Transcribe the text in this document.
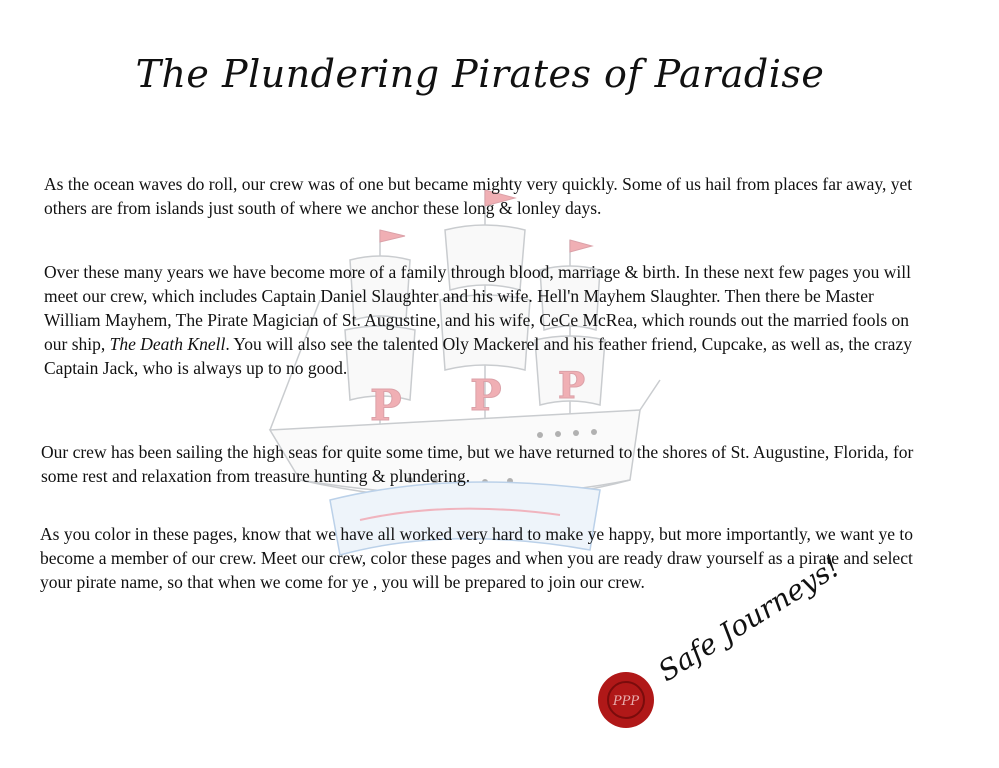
The Plundering Pirates of Paradise
P P P

As the ocean waves do roll, our crew was of one but became mighty very quickly. Some of us hail from places far away, yet others are from islands just south of where we anchor these long & lonley days.

Over these many years we have become more of a family through blood, marriage & birth. In these next few pages you will meet our crew, which includes Captain Daniel Slaughter and his wife. Hell'n Mayhem Slaughter. Then there be Master William Mayhem, The Pirate Magician of St. Augustine, and his wife, CeCe McRea, which rounds out the married fools on our ship, The Death Knell. You will also see the talented Oly Mackerel and his feather friend, Cupcake, as well as, the crazy Captain Jack, who is always up to no good.

Our crew has been sailing the high seas for quite some time, but we have returned to the shores of St. Augustine, Florida, for some rest and relaxation from treasure hunting & plundering.

As you color in these pages, know that we have all worked very hard to make ye happy, but more importantly, we want ye to become a member of our crew. Meet our crew, color these pages and when you are ready draw yourself as a pirate and select your pirate name, so that when we come for ye , you will be prepared to join our crew.

PPP
Safe Journeys!
